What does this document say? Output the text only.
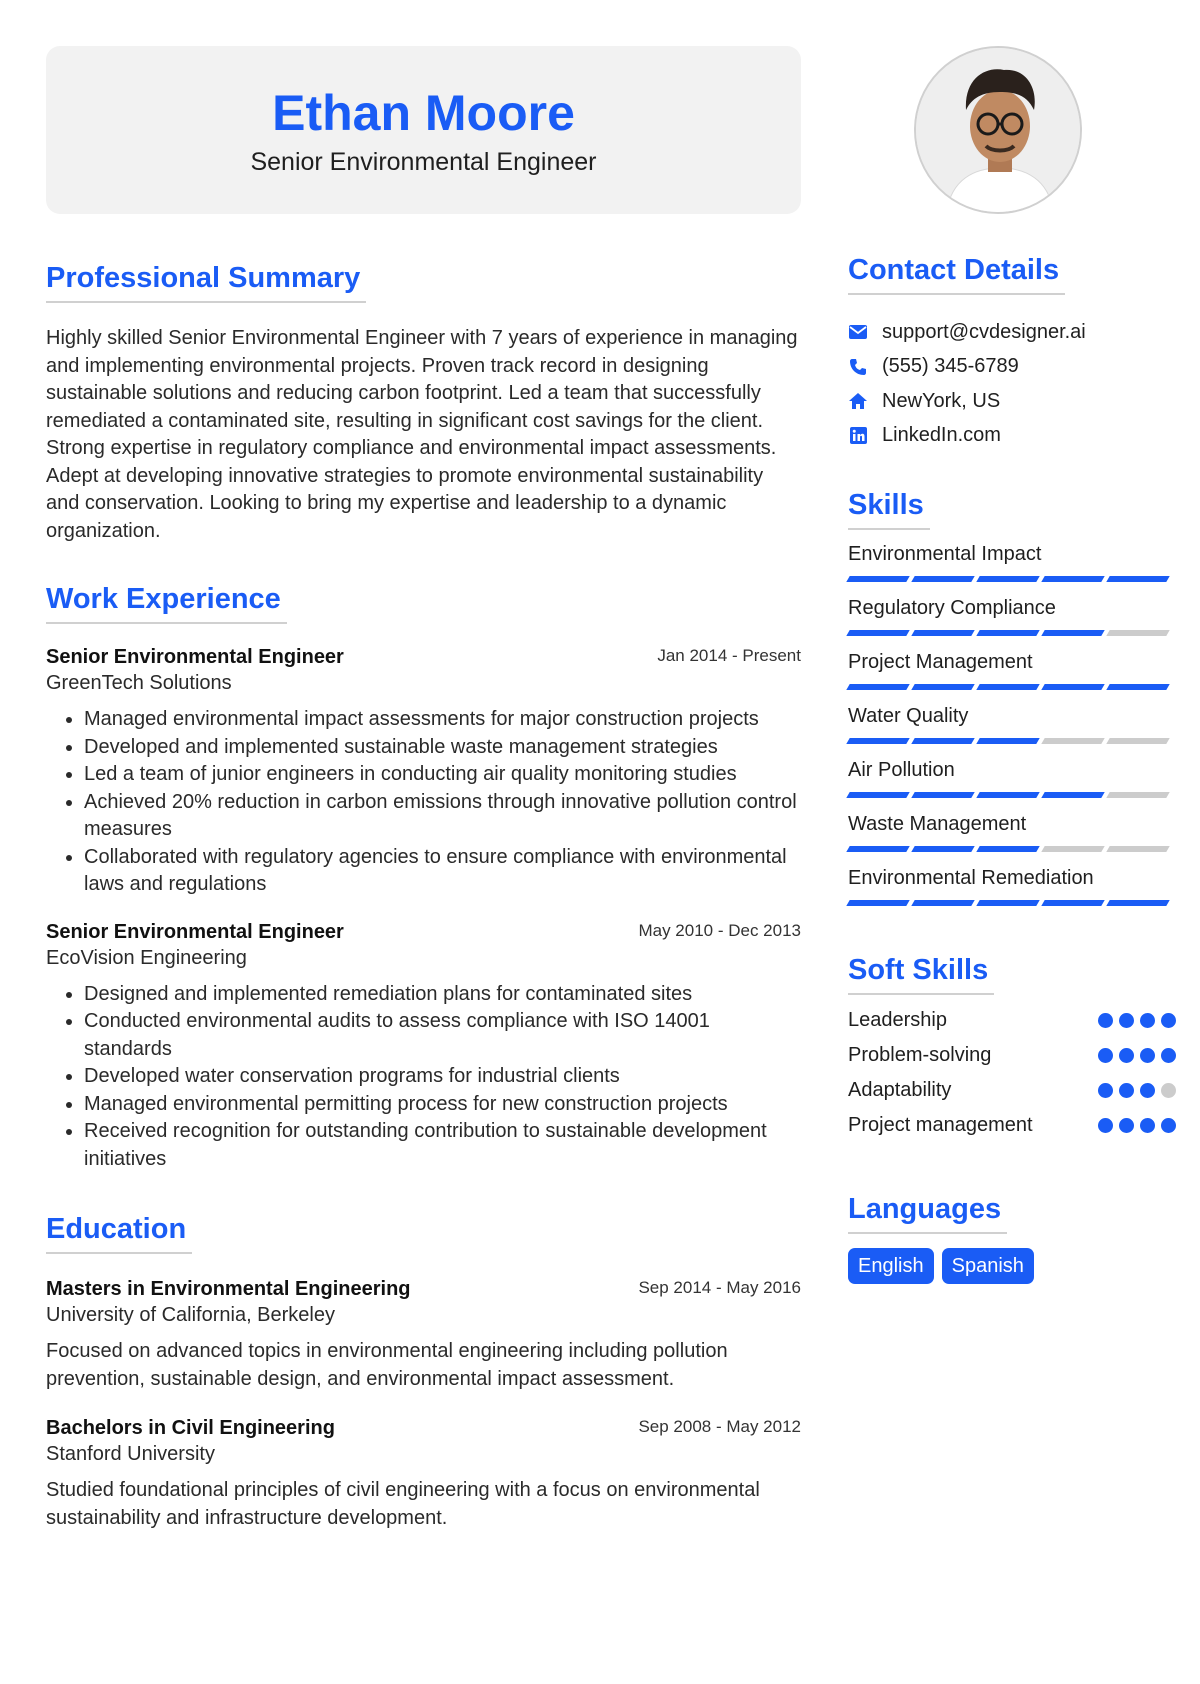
Ethan Moore
Senior Environmental Engineer
Professional Summary

Highly skilled Senior Environmental Engineer with 7 years of experience in managing and implementing environmental projects. Proven track record in designing sustainable solutions and reducing carbon footprint. Led a team that successfully remediated a contaminated site, resulting in significant cost savings for the client. Strong expertise in regulatory compliance and environmental impact assessments. Adept at developing innovative strategies to promote environmental sustainability and conservation. Looking to bring my expertise and leadership to a dynamic organization.

Work Experience
Senior Environmental Engineer	Jan 2014 - Present
GreenTech Solutions
• Managed environmental impact assessments for major construction projects
• Developed and implemented sustainable waste management strategies
• Led a team of junior engineers in conducting air quality monitoring studies
• Achieved 20% reduction in carbon emissions through innovative pollution control measures
• Collaborated with regulatory agencies to ensure compliance with environmental laws and regulations
Senior Environmental Engineer	May 2010 - Dec 2013
EcoVision Engineering
• Designed and implemented remediation plans for contaminated sites
• Conducted environmental audits to assess compliance with ISO 14001 standards
• Developed water conservation programs for industrial clients
• Managed environmental permitting process for new construction projects
• Received recognition for outstanding contribution to sustainable development initiatives
Education
Masters in Environmental Engineering	Sep 2014 - May 2016
University of California, Berkeley

Focused on advanced topics in environmental engineering including pollution prevention, sustainable design, and environmental impact assessment.

Bachelors in Civil Engineering	Sep 2008 - May 2012
Stanford University

Studied foundational principles of civil engineering with a focus on environmental sustainability and infrastructure development.

Contact Details
support@cvdesigner.ai
(555) 345-6789
NewYork, US
LinkedIn.com
Skills
Environmental Impact
Regulatory Compliance
Project Management
Water Quality
Air Pollution
Waste Management
Environmental Remediation
Soft Skills
Leadership
Problem-solving
Adaptability
Project management
Languages
English	Spanish
